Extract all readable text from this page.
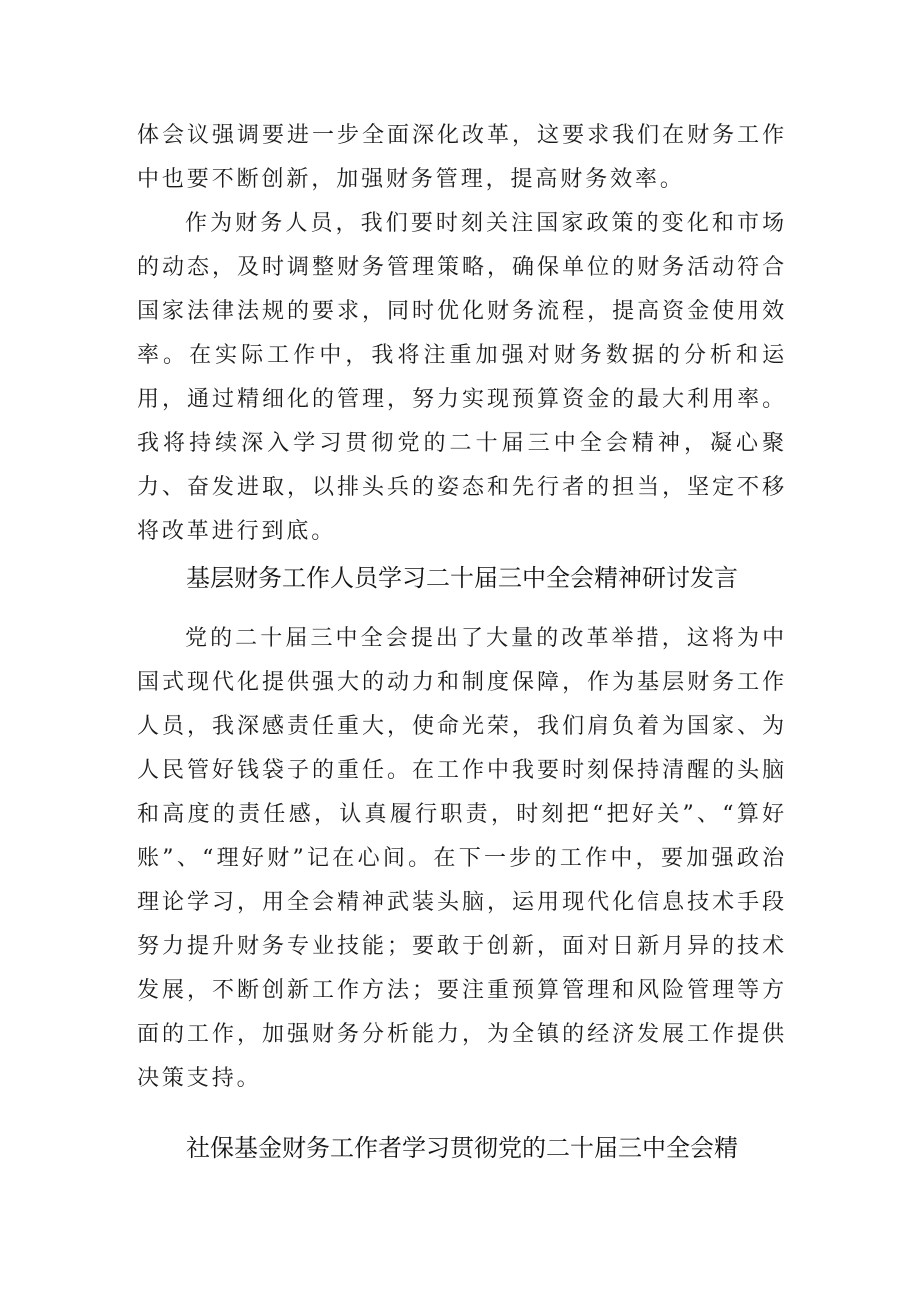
体会议强调要进一步全面深化改革，这要求我们在财务工作中也要不断创新，加强财务管理，提高财务效率。

作为财务人员，我们要时刻关注国家政策的变化和市场的动态，及时调整财务管理策略，确保单位的财务活动符合国家法律法规的要求，同时优化财务流程，提高资金使用效率。在实际工作中，我将注重加强对财务数据的分析和运用，通过精细化的管理，努力实现预算资金的最大利用率。我将持续深入学习贯彻党的二十届三中全会精神，凝心聚力、奋发进取，以排头兵的姿态和先行者的担当，坚定不移将改革进行到底。

基层财务工作人员学习二十届三中全会精神研讨发言

党的二十届三中全会提出了大量的改革举措，这将为中国式现代化提供强大的动力和制度保障，作为基层财务工作人员，我深感责任重大，使命光荣，我们肩负着为国家、为人民管好钱袋子的重任。在工作中我要时刻保持清醒的头脑和高度的责任感，认真履行职责，时刻把“把好关”、“算好账”、“理好财”记在心间。在下一步的工作中，要加强政治理论学习，用全会精神武装头脑，运用现代化信息技术手段努力提升财务专业技能；要敢于创新，面对日新月异的技术发展，不断创新工作方法；要注重预算管理和风险管理等方面的工作，加强财务分析能力，为全镇的经济发展工作提供决策支持。

社保基金财务工作者学习贯彻党的二十届三中全会精
